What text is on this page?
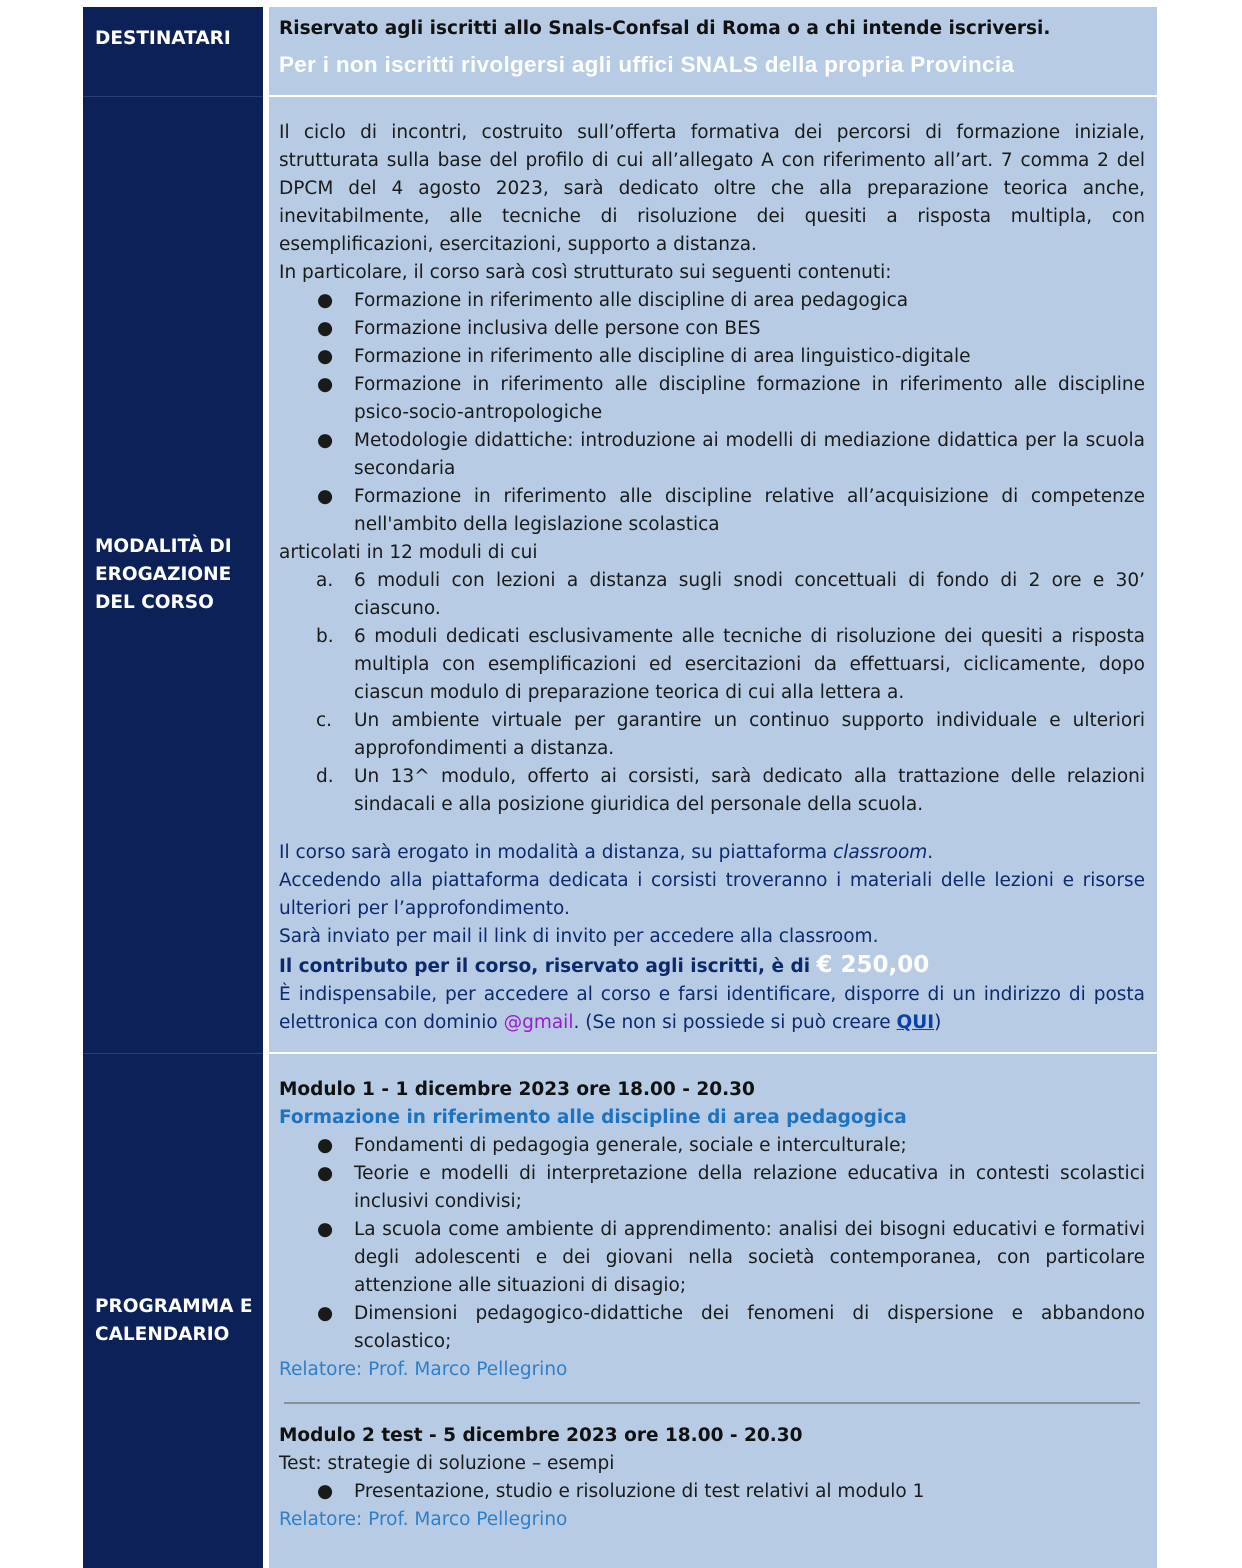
DESTINATARI	Riservato agli iscritti allo Snals-Confsal di Roma o a chi intende iscriversi.

Per i non iscritti rivolgersi agli uffici SNALS della propria Provincia

MODALITÀ DI
EROGAZIONE
DEL CORSO

Il ciclo di incontri, costruito sull’offerta formativa dei percorsi di formazione iniziale, strutturata sulla base del profilo di cui all’allegato A con riferimento all’art. 7 comma 2 del DPCM del 4 agosto 2023, sarà dedicato oltre che alla preparazione teorica anche, inevitabilmente, alle tecniche di risoluzione dei quesiti a risposta multipla, con esemplificazioni, esercitazioni, supporto a distanza.

In particolare, il corso sarà così strutturato sui seguenti contenuti:

● Formazione in riferimento alle discipline di area pedagogica
● Formazione inclusiva delle persone con BES
● Formazione in riferimento alle discipline di area linguistico-digitale
● Formazione in riferimento alle discipline formazione in riferimento alle discipline psico-socio-antropologiche
● Metodologie didattiche: introduzione ai modelli di mediazione didattica per la scuola secondaria
● Formazione in riferimento alle discipline relative all’acquisizione di competenze nell'ambito della legislazione scolastica

articolati in 12 moduli di cui

a. 6 moduli con lezioni a distanza sugli snodi concettuali di fondo di 2 ore e 30’ ciascuno.
b. 6 moduli dedicati esclusivamente alle tecniche di risoluzione dei quesiti a risposta multipla con esemplificazioni ed esercitazioni da effettuarsi, ciclicamente, dopo ciascun modulo di preparazione teorica di cui alla lettera a.
c. Un ambiente virtuale per garantire un continuo supporto individuale e ulteriori approfondimenti a distanza.
d. Un 13^ modulo, offerto ai corsisti, sarà dedicato alla trattazione delle relazioni sindacali e alla posizione giuridica del personale della scuola.

Il corso sarà erogato in modalità a distanza, su piattaforma classroom.

Accedendo alla piattaforma dedicata i corsisti troveranno i materiali delle lezioni e risorse ulteriori per l’approfondimento.

Sarà inviato per mail il link di invito per accedere alla classroom.

Il contributo per il corso, riservato agli iscritti, è di € 250,00

È indispensabile, per accedere al corso e farsi identificare, disporre di un indirizzo di posta elettronica con dominio @gmail. (Se non si possiede si può creare QUI)

PROGRAMMA E
CALENDARIO

Modulo 1 - 1 dicembre 2023 ore 18.00 - 20.30

Formazione in riferimento alle discipline di area pedagogica

● Fondamenti di pedagogia generale, sociale e interculturale;
● Teorie e modelli di interpretazione della relazione educativa in contesti scolastici inclusivi condivisi;
● La scuola come ambiente di apprendimento: analisi dei bisogni educativi e formativi degli adolescenti e dei giovani nella società contemporanea, con particolare attenzione alle situazioni di disagio;
● Dimensioni pedagogico-didattiche dei fenomeni di dispersione e abbandono scolastico;

Relatore: Prof. Marco Pellegrino

Modulo 2 test - 5 dicembre 2023 ore 18.00 - 20.30

Test: strategie di soluzione – esempi

● Presentazione, studio e risoluzione di test relativi al modulo 1

Relatore: Prof. Marco Pellegrino
